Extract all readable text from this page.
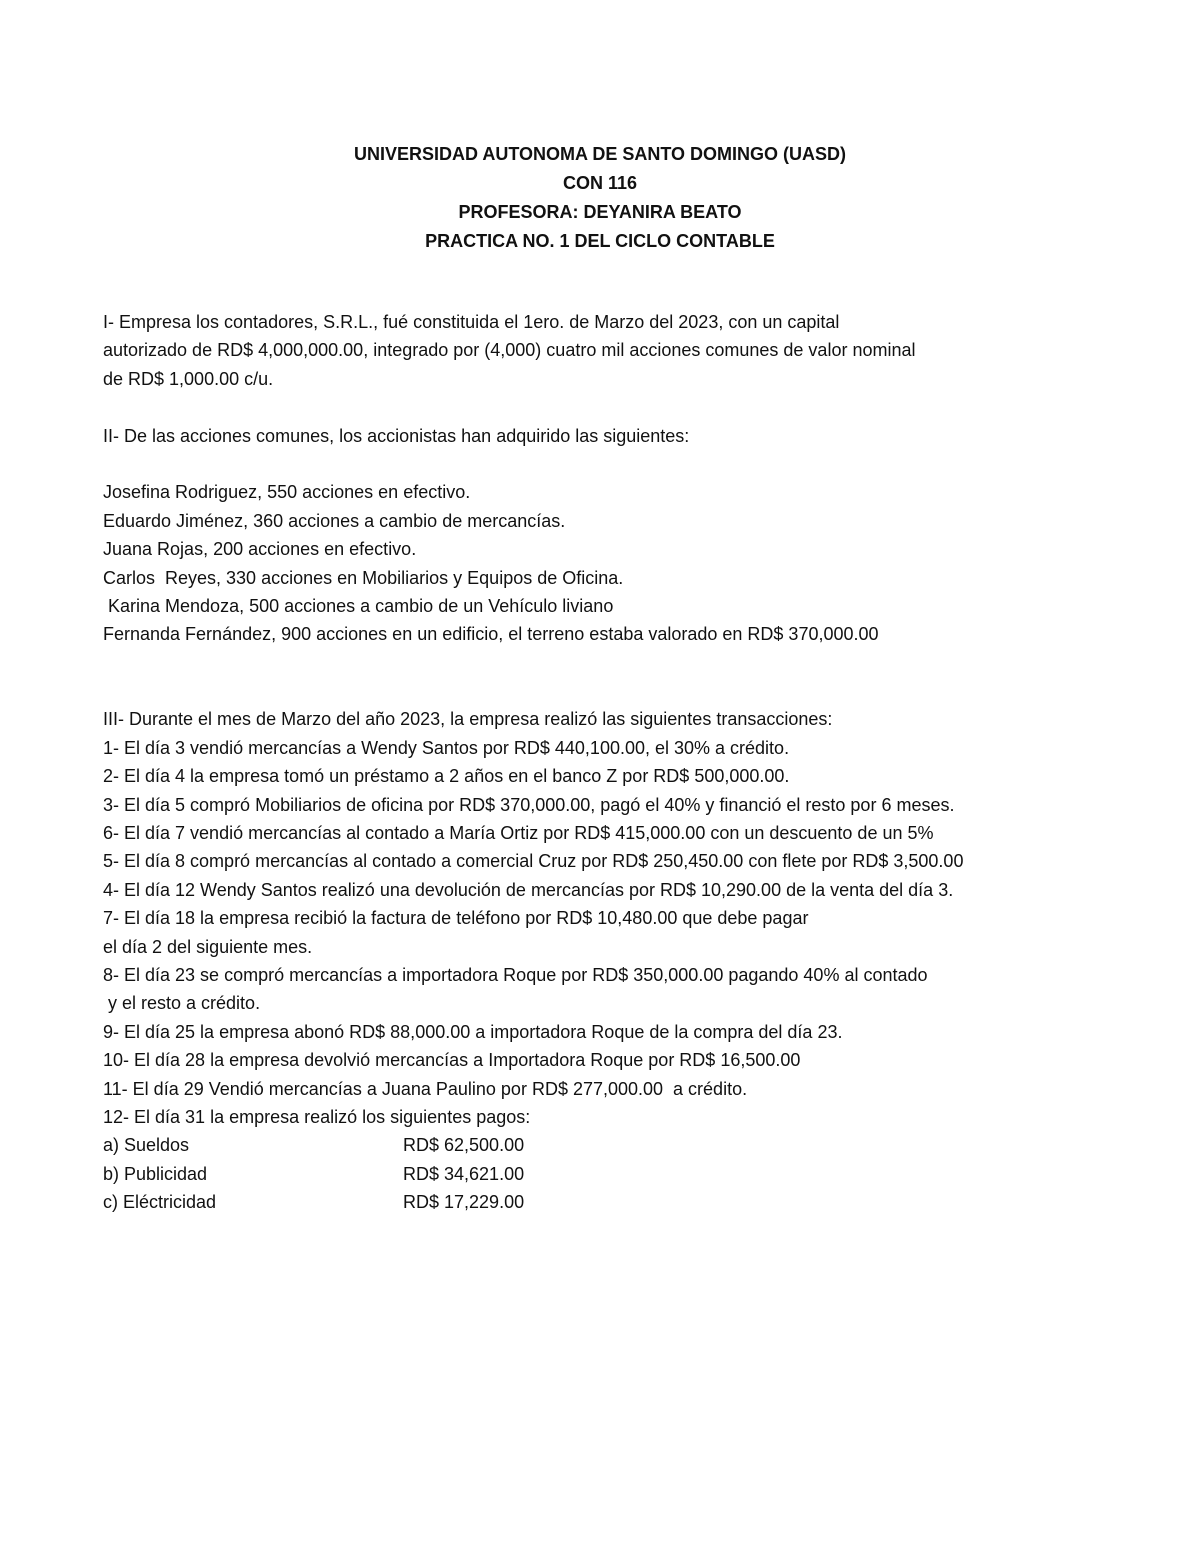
UNIVERSIDAD AUTONOMA DE SANTO DOMINGO (UASD)
CON 116
PROFESORA: DEYANIRA BEATO
PRACTICA NO. 1 DEL CICLO CONTABLE
I- Empresa los contadores, S.R.L., fué constituida el 1ero. de Marzo del 2023, con un capital
autorizado de RD$ 4,000,000.00, integrado por (4,000) cuatro mil acciones comunes de valor nominal
de RD$ 1,000.00 c/u.
II- De las acciones comunes, los accionistas han adquirido las siguientes:
Josefina Rodriguez, 550 acciones en efectivo.
Eduardo Jiménez, 360 acciones a cambio de mercancías.
Juana Rojas, 200 acciones en efectivo.
Carlos  Reyes, 330 acciones en Mobiliarios y Equipos de Oficina.
Karina Mendoza, 500 acciones a cambio de un Vehículo liviano
Fernanda Fernández, 900 acciones en un edificio, el terreno estaba valorado en RD$ 370,000.00
III- Durante el mes de Marzo del año 2023, la empresa realizó las siguientes transacciones:
1- El día 3 vendió mercancías a Wendy Santos por RD$ 440,100.00, el 30% a crédito.
2- El día 4 la empresa tomó un préstamo a 2 años en el banco Z por RD$ 500,000.00.
3- El día 5 compró Mobiliarios de oficina por RD$ 370,000.00, pagó el 40% y financió el resto por 6 meses.
6- El día 7 vendió mercancías al contado a María Ortiz por RD$ 415,000.00 con un descuento de un 5%
5- El día 8 compró mercancías al contado a comercial Cruz por RD$ 250,450.00 con flete por RD$ 3,500.00
4- El día 12 Wendy Santos realizó una devolución de mercancías por RD$ 10,290.00 de la venta del día 3.
7- El día 18 la empresa recibió la factura de teléfono por RD$ 10,480.00 que debe pagar
el día 2 del siguiente mes.
8- El día 23 se compró mercancías a importadora Roque por RD$ 350,000.00 pagando 40% al contado
y el resto a crédito.
9- El día 25 la empresa abonó RD$ 88,000.00 a importadora Roque de la compra del día 23.
10- El día 28 la empresa devolvió mercancías a Importadora Roque por RD$ 16,500.00
11- El día 29 Vendió mercancías a Juana Paulino por RD$ 277,000.00  a crédito.
12- El día 31 la empresa realizó los siguientes pagos:
a) Sueldos	RD$ 62,500.00
b) Publicidad	RD$ 34,621.00
c) Eléctricidad	RD$ 17,229.00
